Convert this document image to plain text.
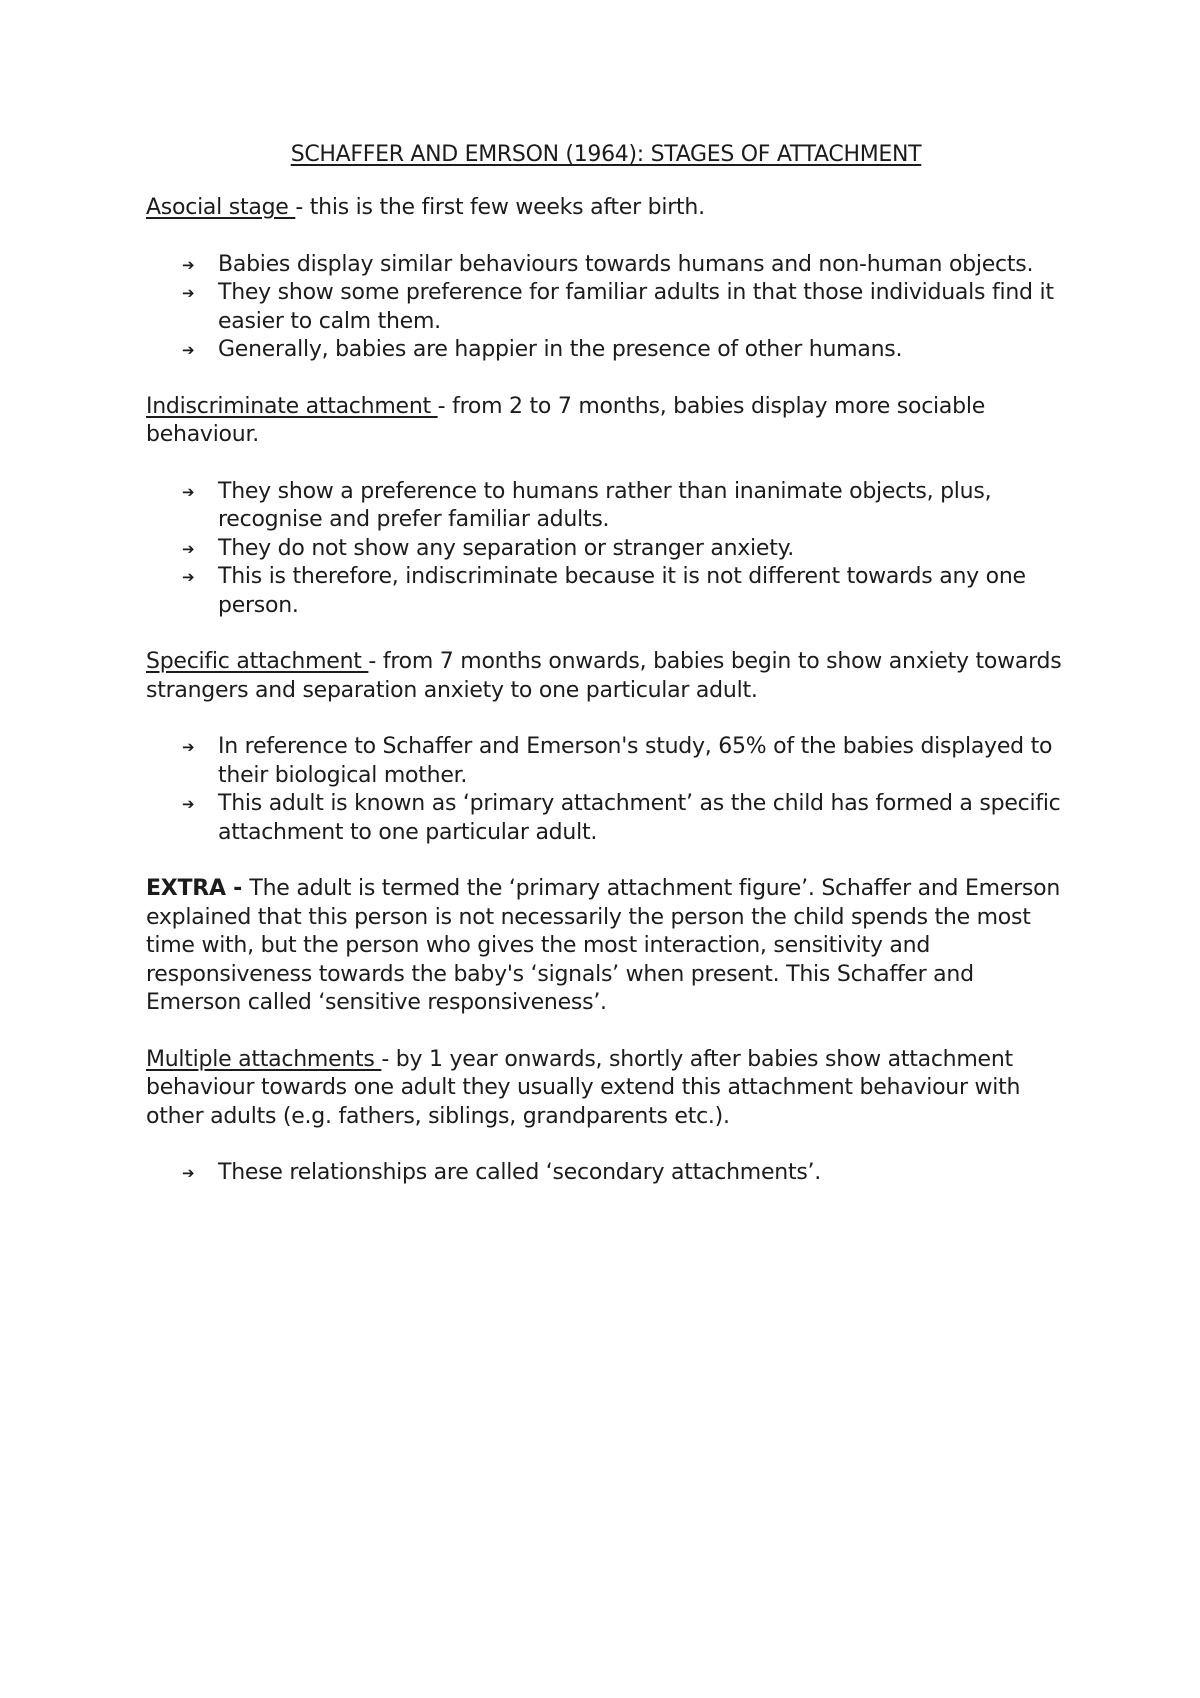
SCHAFFER AND EMRSON (1964): STAGES OF ATTACHMENT

Asocial stage - this is the first few weeks after birth.

➔ Babies display similar behaviours towards humans and non-human objects.
➔ They show some preference for familiar adults in that those individuals find it easier to calm them.
➔ Generally, babies are happier in the presence of other humans.

Indiscriminate attachment - from 2 to 7 months, babies display more sociable behaviour.

➔ They show a preference to humans rather than inanimate objects, plus, recognise and prefer familiar adults.
➔ They do not show any separation or stranger anxiety.
➔ This is therefore, indiscriminate because it is not different towards any one person.

Specific attachment - from 7 months onwards, babies begin to show anxiety towards strangers and separation anxiety to one particular adult.

➔ In reference to Schaffer and Emerson's study, 65% of the babies displayed to their biological mother.
➔ This adult is known as ‘primary attachment’ as the child has formed a specific attachment to one particular adult.

EXTRA - The adult is termed the ‘primary attachment figure’. Schaffer and Emerson explained that this person is not necessarily the person the child spends the most time with, but the person who gives the most interaction, sensitivity and responsiveness towards the baby's ‘signals’ when present. This Schaffer and Emerson called ‘sensitive responsiveness’.

Multiple attachments - by 1 year onwards, shortly after babies show attachment behaviour towards one adult they usually extend this attachment behaviour with other adults (e.g. fathers, siblings, grandparents etc.).

➔ These relationships are called ‘secondary attachments’.
